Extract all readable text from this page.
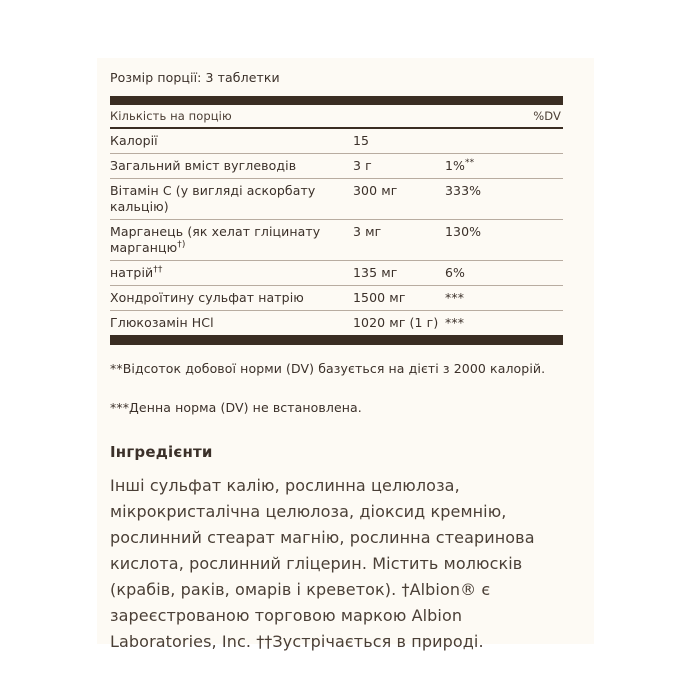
Розмір порції: 3 таблетки

Кількість на порцію		%DV
Калорії	15	
Загальний вміст вуглеводів	3 г	1%**
Вітамін C (у вигляді аскорбату кальцію)	300 мг	333%
Марганець (як хелат гліцинату марганцю†)	3 мг	130%
натрій††	135 мг	6%
Хондроїтину сульфат натрію	1500 мг	***
Глюкозамін HCl	1020 мг (1 г)	***

**Відсоток добової норми (DV) базується на дієті з 2000 калорій.
***Денна норма (DV) не встановлена.
Інгредієнти
Інші сульфат калію, рослинна целюлоза, мікрокристалічна целюлоза, діоксид кремнію, рослинний стеарат магнію, рослинна стеаринова кислота, рослинний гліцерин. Містить молюсків (крабів, раків, омарів і креветок). †Albion® є зареєстрованою торговою маркою Albion Laboratories, Inc. ††Зустрічається в природі.
